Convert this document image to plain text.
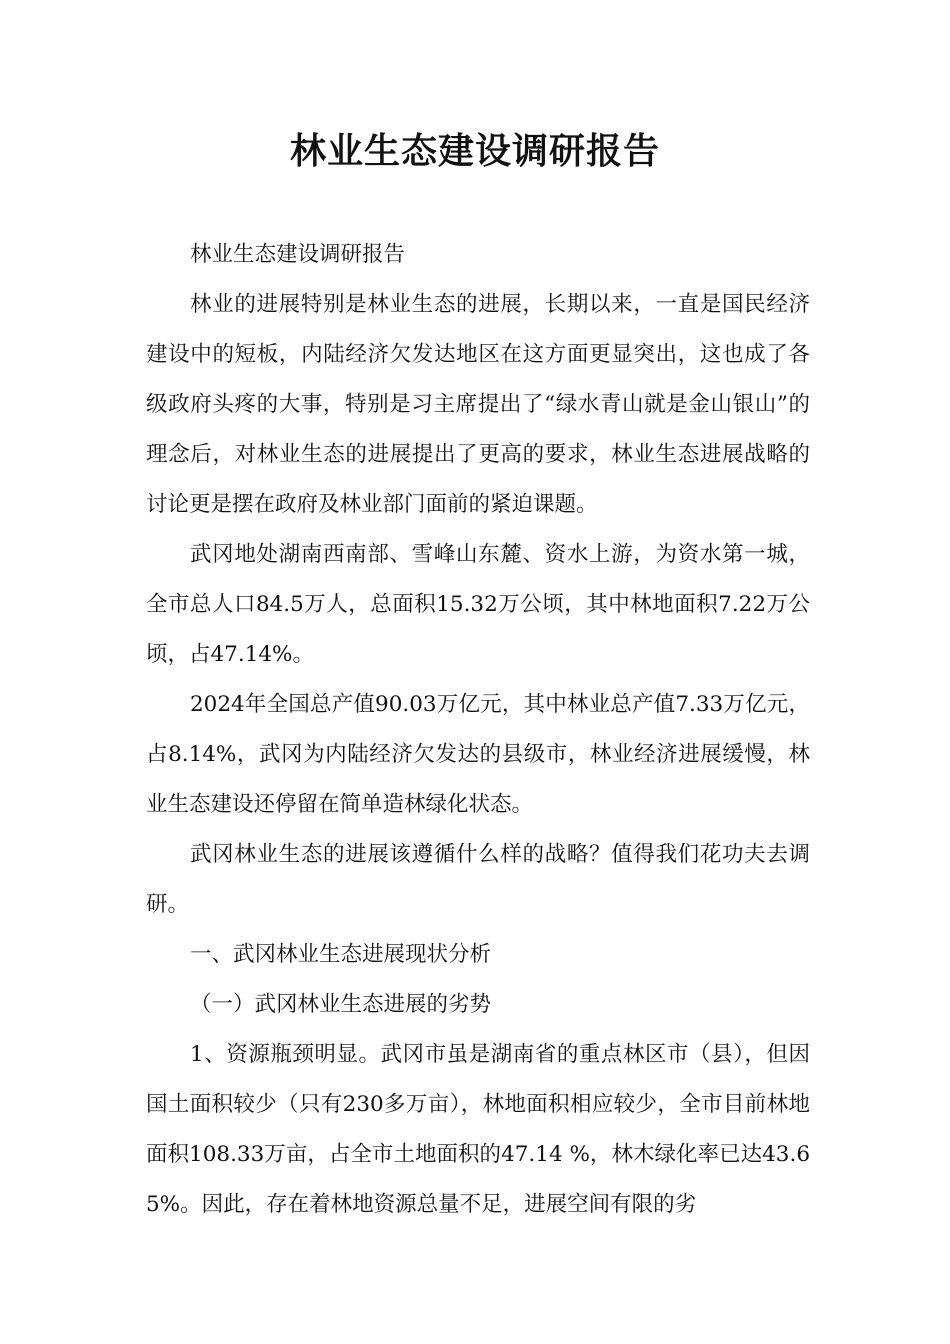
林业生态建设调研报告

林业生态建设调研报告

林业的进展特别是林业生态的进展，长期以来，一直是国民经济建设中的短板，内陆经济欠发达地区在这方面更显突出，这也成了各级政府头疼的大事，特别是习主席提出了“绿水青山就是金山银山”的理念后，对林业生态的进展提出了更高的要求，林业生态进展战略的讨论更是摆在政府及林业部门面前的紧迫课题。

武冈地处湖南西南部、雪峰山东麓、资水上游，为资水第一城，全市总人口84.5万人，总面积15.32万公顷，其中林地面积7.22万公顷，占47.14%。

2024年全国总产值90.03万亿元，其中林业总产值7.33万亿元，占8.14%，武冈为内陆经济欠发达的县级市，林业经济进展缓慢，林业生态建设还停留在简单造林绿化状态。

武冈林业生态的进展该遵循什么样的战略？值得我们花功夫去调研。

一、武冈林业生态进展现状分析

（一）武冈林业生态进展的劣势

1、资源瓶颈明显。武冈市虽是湖南省的重点林区市（县），但因国土面积较少（只有230多万亩），林地面积相应较少，全市目前林地面积108.33万亩，占全市土地面积的47.14 %，林木绿化率已达43.65%。因此，存在着林地资源总量不足，进展空间有限的劣
